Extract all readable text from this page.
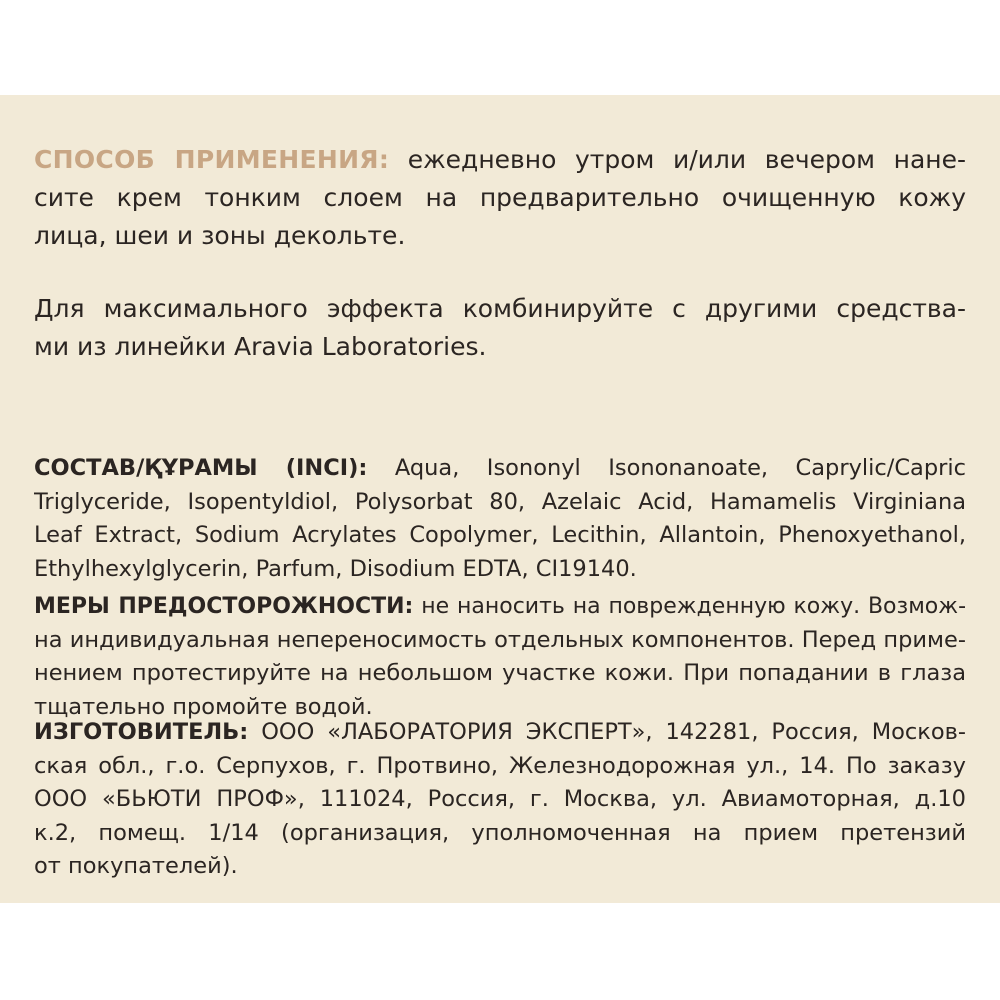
СПОСОБ ПРИМЕНЕНИЯ: ежедневно утром и/или вечером нане-
сите крем тонким слоем на предварительно очищенную кожу
лица, шеи и зоны декольте.
Для максимального эффекта комбинируйте с другими средства-
ми из линейки Aravia Laboratories.
СОСТАВ/ҚҰРАМЫ (INCI): Aqua, Isononyl Isononanoate, Caprylic/Capric
Triglyceride, Isopentyldiol, Polysorbat 80, Azelaic Acid, Hamamelis Virginiana
Leaf Extract, Sodium Acrylates Copolymer, Lecithin, Allantoin, Phenoxyethanol,
Ethylhexylglycerin, Parfum, Disodium EDTA, CI19140.
МЕРЫ ПРЕДОСТОРОЖНОСТИ: не наносить на поврежденную кожу. Возмож-
на индивидуальная непереносимость отдельных компонентов. Перед приме-
нением протестируйте на небольшом участке кожи. При попадании в глаза
тщательно промойте водой.
ИЗГОТОВИТЕЛЬ: ООО «ЛАБОРАТОРИЯ ЭКСПЕРТ», 142281, Россия, Москов-
ская обл., г.о. Серпухов, г. Протвино, Железнодорожная ул., 14. По заказу
ООО «БЬЮТИ ПРОФ», 111024, Россия, г. Москва, ул. Авиамоторная, д.10
к.2, помещ. 1/14 (организация, уполномоченная на прием претензий
от покупателей).
